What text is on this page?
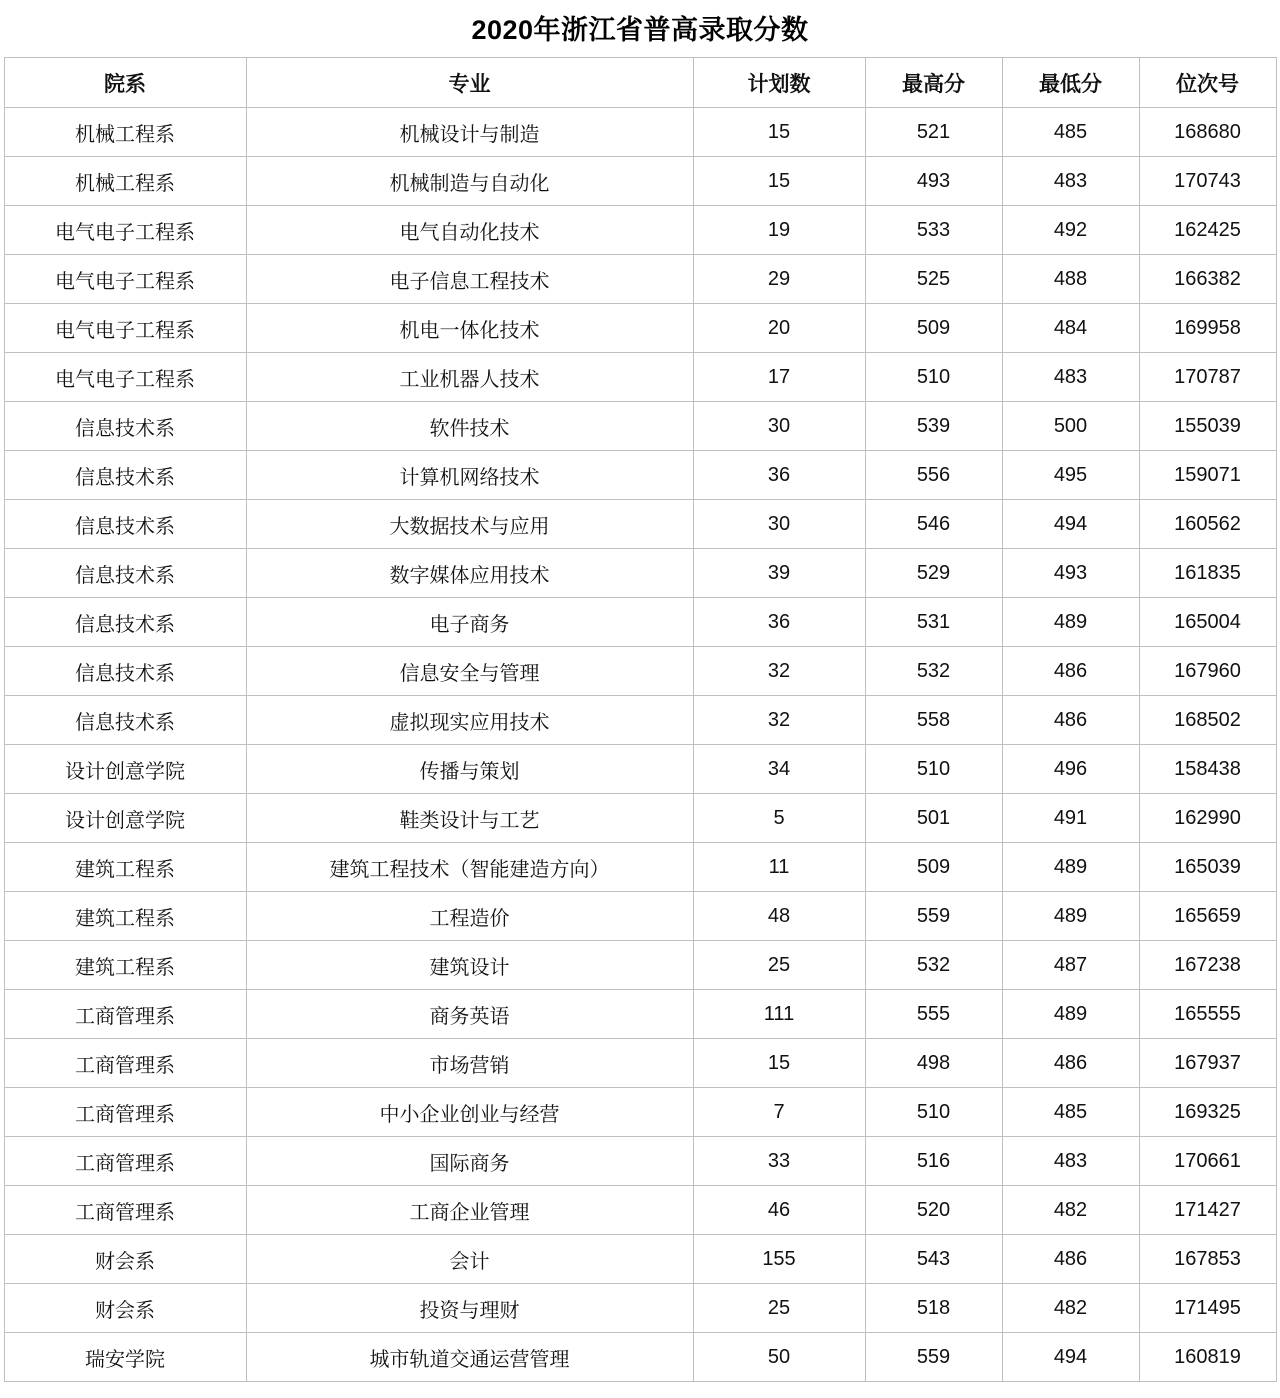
2020年浙江省普高录取分数
院系	专业	计划数	最高分	最低分	位次号
机械工程系	机械设计与制造	15	521	485	168680
机械工程系	机械制造与自动化	15	493	483	170743
电气电子工程系	电气自动化技术	19	533	492	162425
电气电子工程系	电子信息工程技术	29	525	488	166382
电气电子工程系	机电一体化技术	20	509	484	169958
电气电子工程系	工业机器人技术	17	510	483	170787
信息技术系	软件技术	30	539	500	155039
信息技术系	计算机网络技术	36	556	495	159071
信息技术系	大数据技术与应用	30	546	494	160562
信息技术系	数字媒体应用技术	39	529	493	161835
信息技术系	电子商务	36	531	489	165004
信息技术系	信息安全与管理	32	532	486	167960
信息技术系	虚拟现实应用技术	32	558	486	168502
设计创意学院	传播与策划	34	510	496	158438
设计创意学院	鞋类设计与工艺	5	501	491	162990
建筑工程系	建筑工程技术（智能建造方向）	11	509	489	165039
建筑工程系	工程造价	48	559	489	165659
建筑工程系	建筑设计	25	532	487	167238
工商管理系	商务英语	111	555	489	165555
工商管理系	市场营销	15	498	486	167937
工商管理系	中小企业创业与经营	7	510	485	169325
工商管理系	国际商务	33	516	483	170661
工商管理系	工商企业管理	46	520	482	171427
财会系	会计	155	543	486	167853
财会系	投资与理财	25	518	482	171495
瑞安学院	城市轨道交通运营管理	50	559	494	160819
